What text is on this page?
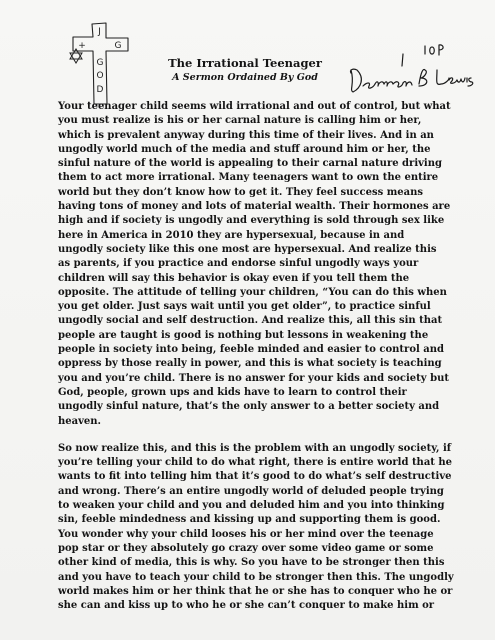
J
G
G
O
D
+
The Irrational Teenager
A Sermon Ordained By God
Your teenager child seems wild irrational and out of control, but what
you must realize is his or her carnal nature is calling him or her,
which is prevalent anyway during this time of their lives. And in an
ungodly world much of the media and stuff around him or her, the
sinful nature of the world is appealing to their carnal nature driving
them to act more irrational. Many teenagers want to own the entire
world but they don’t know how to get it. They feel success means
having tons of money and lots of material wealth. Their hormones are
high and if society is ungodly and everything is sold through sex like
here in America in 2010 they are hypersexual, because in and
ungodly society like this one most are hypersexual. And realize this
as parents, if you practice and endorse sinful ungodly ways your
children will say this behavior is okay even if you tell them the
opposite. The attitude of telling your children, “You can do this when
you get older. Just says wait until you get older”, to practice sinful
ungodly social and self destruction. And realize this, all this sin that
people are taught is good is nothing but lessons in weakening the
people in society into being, feeble minded and easier to control and
oppress by those really in power, and this is what society is teaching
you and you’re child. There is no answer for your kids and society but
God, people, grown ups and kids have to learn to control their
ungodly sinful nature, that’s the only answer to a better society and
heaven.
So now realize this, and this is the problem with an ungodly society, if
you’re telling your child to do what right, there is entire world that he
wants to fit into telling him that it’s good to do what’s self destructive
and wrong. There’s an entire ungodly world of deluded people trying
to weaken your child and you and deluded him and you into thinking
sin, feeble mindedness and kissing up and supporting them is good.
You wonder why your child looses his or her mind over the teenage
pop star or they absolutely go crazy over some video game or some
other kind of media, this is why. So you have to be stronger then this
and you have to teach your child to be stronger then this. The ungodly
world makes him or her think that he or she has to conquer who he or
she can and kiss up to who he or she can’t conquer to make him or
